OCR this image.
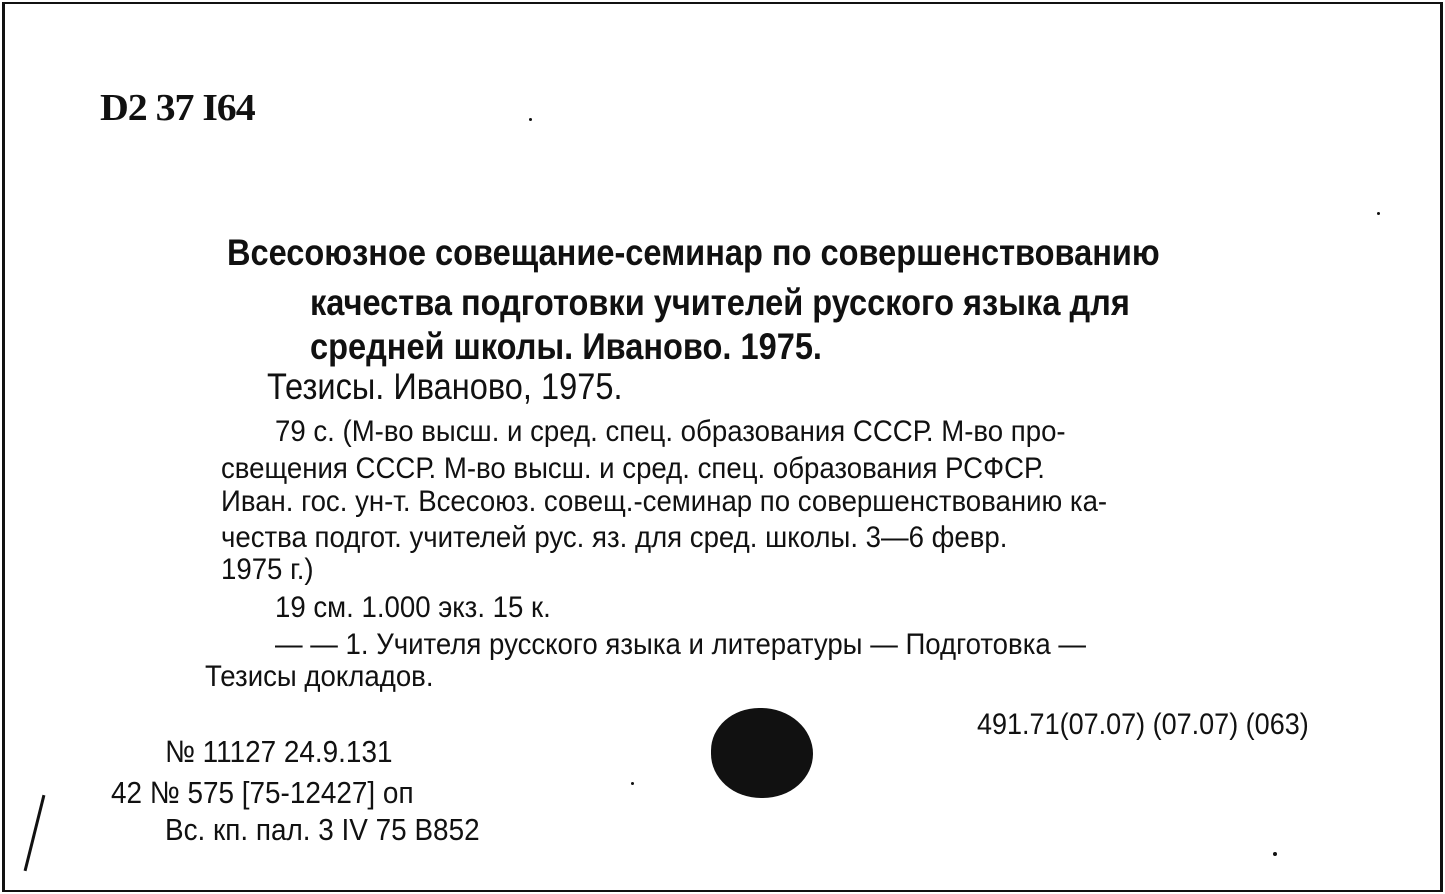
D2 37 I64
Всесоюзное совещание-семинар по совершенствованию
качества подготовки учителей русского языка для
средней школы. Иваново. 1975.
Тезисы. Иваново, 1975.
79 с. (М-во высш. и сред. спец. образования СССР. М-во про-
свещения СССР. М-во высш. и сред. спец. образования РСФСР.
Иван. гос. ун-т. Всесоюз. совещ.-семинар по совершенствованию ка-
чества подгот. учителей рус. яз. для сред. школы. 3—6 февр.
1975 г.)
19 см. 1.000 экз. 15 к.
— — 1. Учителя русского языка и литературы — Подготовка —
Тезисы докладов.
491.71(07.07) (07.07) (063)
№ 11127 24.9.131
42 № 575 [75-12427] оп
Вс. кп. пал. 3 IV 75 В852
